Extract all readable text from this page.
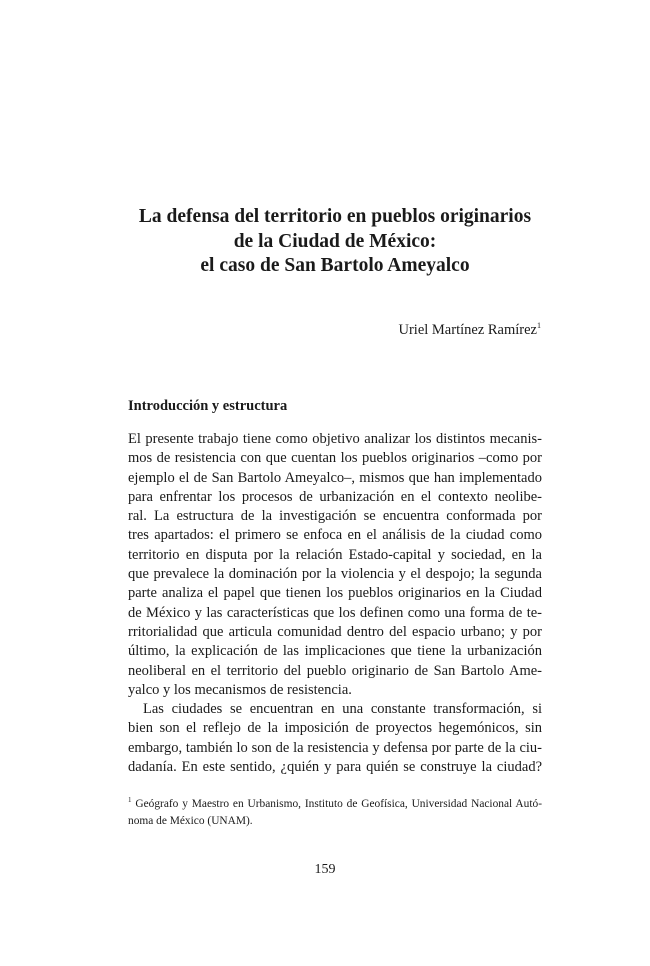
La defensa del territorio en pueblos originarios
de la Ciudad de México:
el caso de San Bartolo Ameyalco
Uriel Martínez Ramírez$^1$
Introducción y estructura
El presente trabajo tiene como objetivo analizar los distintos mecanis-
mos de resistencia con que cuentan los pueblos originarios –como por
ejemplo el de San Bartolo Ameyalco–, mismos que han implementado
para enfrentar los procesos de urbanización en el contexto neolibe-
ral. La estructura de la investigación se encuentra conformada por
tres apartados: el primero se enfoca en el análisis de la ciudad como
territorio en disputa por la relación Estado-capital y sociedad, en la
que prevalece la dominación por la violencia y el despojo; la segunda
parte analiza el papel que tienen los pueblos originarios en la Ciudad
de México y las características que los definen como una forma de te-
rritorialidad que articula comunidad dentro del espacio urbano; y por
último, la explicación de las implicaciones que tiene la urbanización
neoliberal en el territorio del pueblo originario de San Bartolo Ame-
yalco y los mecanismos de resistencia.
Las ciudades se encuentran en una constante transformación, si
bien son el reflejo de la imposición de proyectos hegemónicos, sin
embargo, también lo son de la resistencia y defensa por parte de la ciu-
dadanía. En este sentido, ¿quién y para quién se construye la ciudad?
$^1$ Geógrafo y Maestro en Urbanismo, Instituto de Geofísica, Universidad Nacional Autó-
noma de México (UNAM).
159
